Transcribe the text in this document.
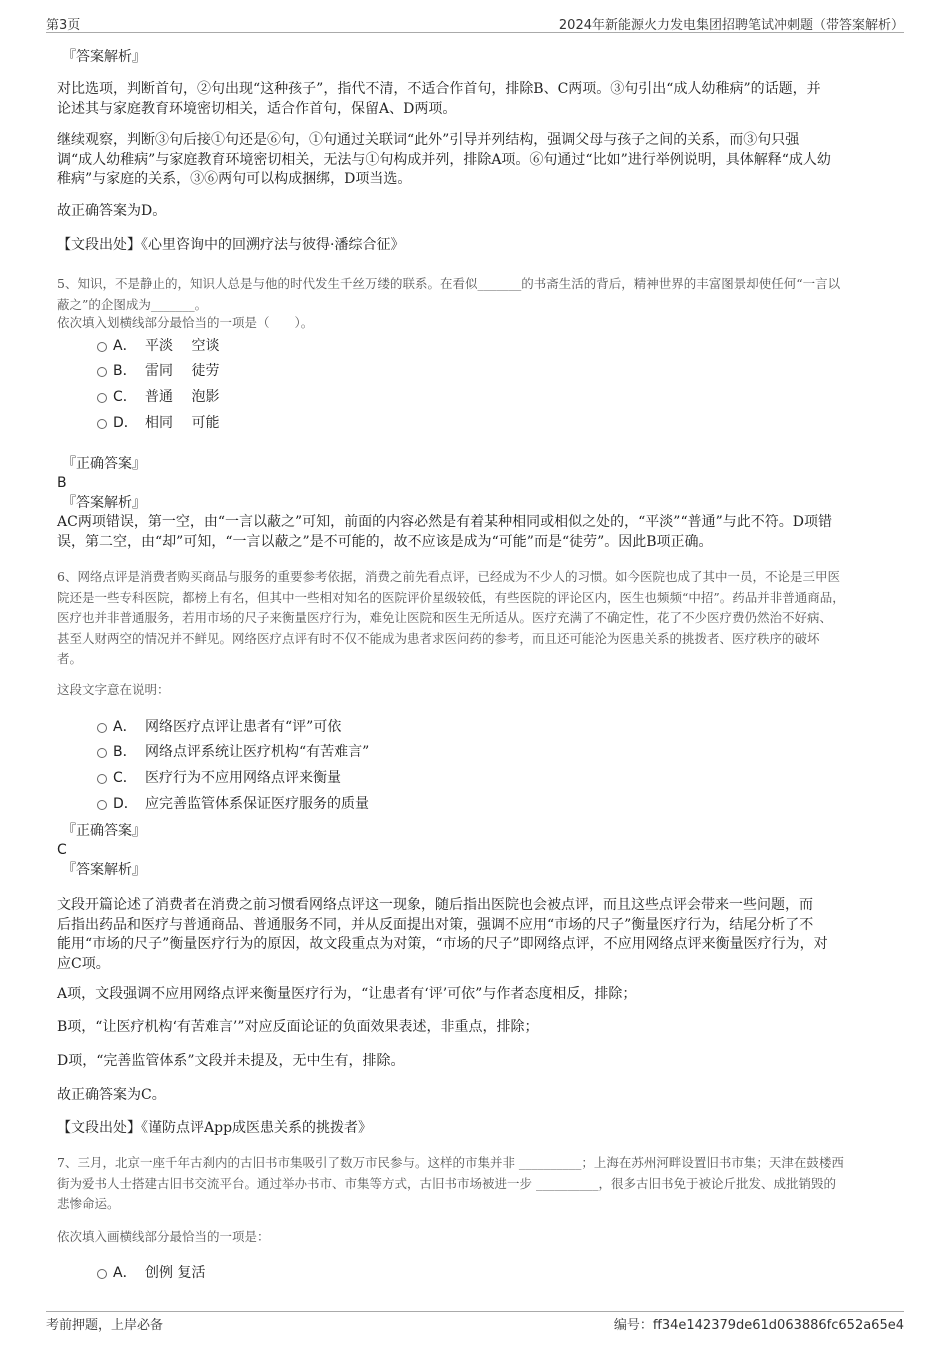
第3页	2024年新能源火力发电集团招聘笔试冲刺题（带答案解析）
『答案解析』
对比选项，判断首句，②句出现“这种孩子”，指代不清，不适合作首句，排除B、C两项。③句引出“成人幼稚病”的话题，并
论述其与家庭教育环境密切相关，适合作首句，保留A、D两项。
继续观察，判断③句后接①句还是⑥句，①句通过关联词“此外”引导并列结构，强调父母与孩子之间的关系，而③句只强
调“成人幼稚病”与家庭教育环境密切相关，无法与①句构成并列，排除A项。⑥句通过“比如”进行举例说明，具体解释“成人幼
稚病”与家庭的关系，③⑥两句可以构成捆绑，D项当选。
故正确答案为D。
【文段出处】《心里咨询中的回溯疗法与彼得·潘综合征》
5、知识，不是静止的，知识人总是与他的时代发生千丝万缕的联系。在看似_______的书斋生活的背后，精神世界的丰富图景却使任何“一言以
蔽之”的企图成为_______。
依次填入划横线部分最恰当的一项是（　　）。
A． 平淡　 空谈
B． 雷同　 徒劳
C． 普通　 泡影
D． 相同　 可能
『正确答案』
B
『答案解析』
AC两项错误，第一空，由“一言以蔽之”可知，前面的内容必然是有着某种相同或相似之处的，“平淡”“普通”与此不符。D项错
误，第二空，由“却”可知，“一言以蔽之”是不可能的，故不应该是成为“可能”而是“徒劳”。因此B项正确。
6、网络点评是消费者购买商品与服务的重要参考依据，消费之前先看点评，已经成为不少人的习惯。如今医院也成了其中一员，不论是三甲医
院还是一些专科医院，都榜上有名，但其中一些相对知名的医院评价星级较低，有些医院的评论区内，医生也频频“中招”。药品并非普通商品，
医疗也并非普通服务，若用市场的尺子来衡量医疗行为，难免让医院和医生无所适从。医疗充满了不确定性，花了不少医疗费仍然治不好病、
甚至人财两空的情况并不鲜见。网络医疗点评有时不仅不能成为患者求医问药的参考，而且还可能沦为医患关系的挑拨者、医疗秩序的破坏
者。
这段文字意在说明：
A． 网络医疗点评让患者有“评”可依
B． 网络点评系统让医疗机构“有苦难言”
C． 医疗行为不应用网络点评来衡量
D． 应完善监管体系保证医疗服务的质量
『正确答案』
C
『答案解析』
文段开篇论述了消费者在消费之前习惯看网络点评这一现象，随后指出医院也会被点评，而且这些点评会带来一些问题，而
后指出药品和医疗与普通商品、普通服务不同，并从反面提出对策，强调不应用“市场的尺子”衡量医疗行为，结尾分析了不
能用“市场的尺子”衡量医疗行为的原因，故文段重点为对策，“市场的尺子”即网络点评，不应用网络点评来衡量医疗行为，对
应C项。
A项，文段强调不应用网络点评来衡量医疗行为，“让患者有‘评’可依”与作者态度相反，排除；
B项，“让医疗机构‘有苦难言’”对应反面论证的负面效果表述，非重点，排除；
D项，“完善监管体系”文段并未提及，无中生有，排除。
故正确答案为C。
【文段出处】《谨防点评App成医患关系的挑拨者》
7、三月，北京一座千年古刹内的古旧书市集吸引了数万市民参与。这样的市集并非 __________；上海在苏州河畔设置旧书市集；天津在鼓楼西
街为爱书人士搭建古旧书交流平台。通过举办书市、市集等方式，古旧书市场被进一步 __________，很多古旧书免于被论斤批发、成批销毁的
悲惨命运。
依次填入画横线部分最恰当的一项是：
A． 创例 复活
考前押题，上岸必备	编号：ff34e142379de61d063886fc652a65e4
